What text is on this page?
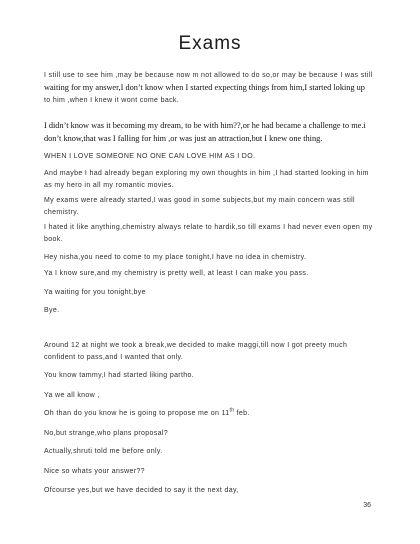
Exams
I still use to see him ,may be because now m not allowed to do so,or may be because I was still
waiting for my answer,I don’t know when I started expecting things from him,I started loking up
to him ,when I knew it wont come back.
I didn’t know was it becoming my dream, to be with him??,or he had became a challenge to me.i
don’t know,that was I falling for him ,or was just an attraction,but I knew one thing.
WHEN I LOVE SOMEONE NO ONE CAN LOVE HIM AS I DO.
And maybe I had already began exploring my own thoughts in him ,I had started looking in him
as my hero in all my romantic movies.
My exams were already started,I was good in some subjects,but my main concern was still
chemistry.
I hated it like anything,chemistry always relate to hardik,so till exams I had never even open my
book.
Hey nisha,you need to come to my place tonight,I have no idea in chemistry.
Ya I know sure,and my chemistry is pretty well, at least I can make you pass.
Ya waiting for you tonight,bye
Bye.
Around 12 at night we took a break,we decided to make maggi,till now I got preety much
confident to pass,and I wanted that only.
You know tammy,I had started liking partho.
Ya we all know ,
Oh than do you know he is going to propose me on 11th feb.
No,but strange,who plans proposal?
Actually,shruti told me before only.
Nice so whats your answer??
Ofcourse yes,but we have decided to say it the next day,
36
